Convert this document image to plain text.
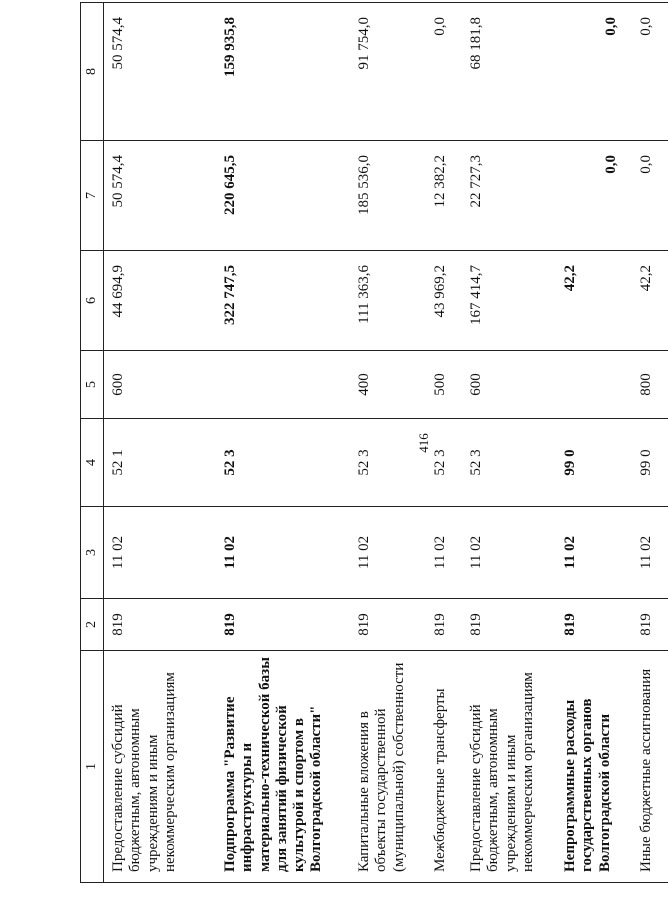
416
1	2	3	4	5	6	7	8
Предоставление субсидий бюджетным, автономным учреждениям и иным некоммерческим организациям	819	11 02	52 1	600	44 694,9	50 574,4	50 574,4
Подпрограмма "Развитие инфраструктуры и материально-технической базы для занятий физической культурой и спортом в Волгоградской области"	819	11 02	52 3		322 747,5	220 645,5	159 935,8
Капитальные вложения в объекты государственной (муниципальной) собственности	819	11 02	52 3	400	111 363,6	185 536,0	91 754,0
Межбюджетные трансферты	819	11 02	52 3	500	43 969,2	12 382,2	0,0
Предоставление субсидий бюджетным, автономным учреждениям и иным некоммерческим организациям	819	11 02	52 3	600	167 414,7	22 727,3	68 181,8
Непрограммные расходы государственных органов Волгоградской области	819	11 02	99 0		42,2	0,0	0,0
Иные бюджетные ассигнования	819	11 02	99 0	800	42,2	0,0	0,0
